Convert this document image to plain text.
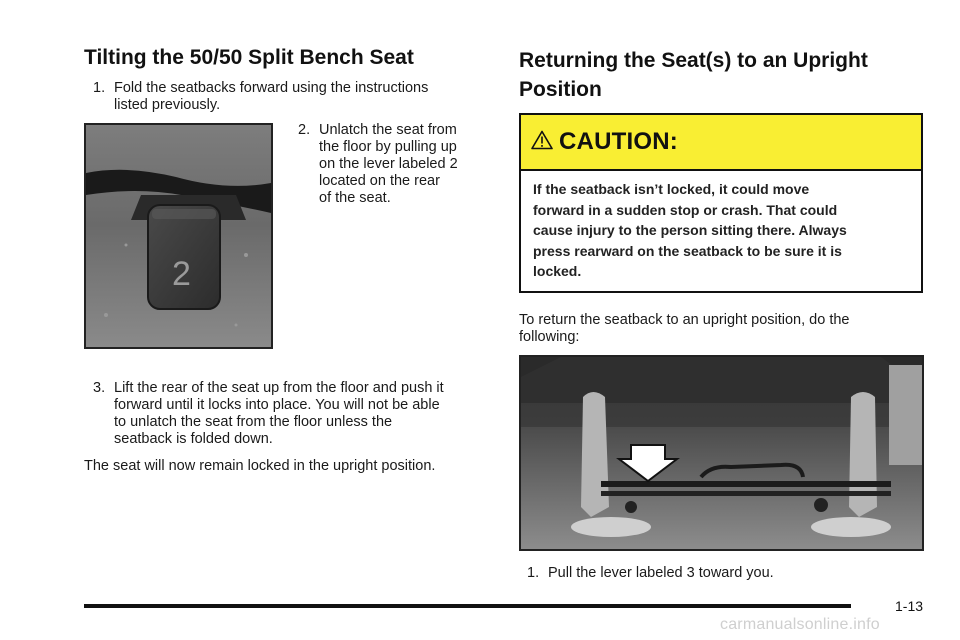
Tilting the 50/50 Split Bench Seat
1. Fold the seatbacks forward using the instructions
listed previously.
2
2. Unlatch the seat from
the floor by pulling up
on the lever labeled 2
located on the rear
of the seat.
3. Lift the rear of the seat up from the floor and push it
forward until it locks into place. You will not be able
to unlatch the seat from the floor unless the
seatback is folded down.
The seat will now remain locked in the upright position.
Returning the Seat(s) to an Upright
Position
CAUTION:
If the seatback isn’t locked, it could move
forward in a sudden stop or crash. That could
cause injury to the person sitting there. Always
press rearward on the seatback to be sure it is
locked.
To return the seatback to an upright position, do the
following:
1. Pull the lever labeled 3 toward you.
1-13
carmanualsonline.info
